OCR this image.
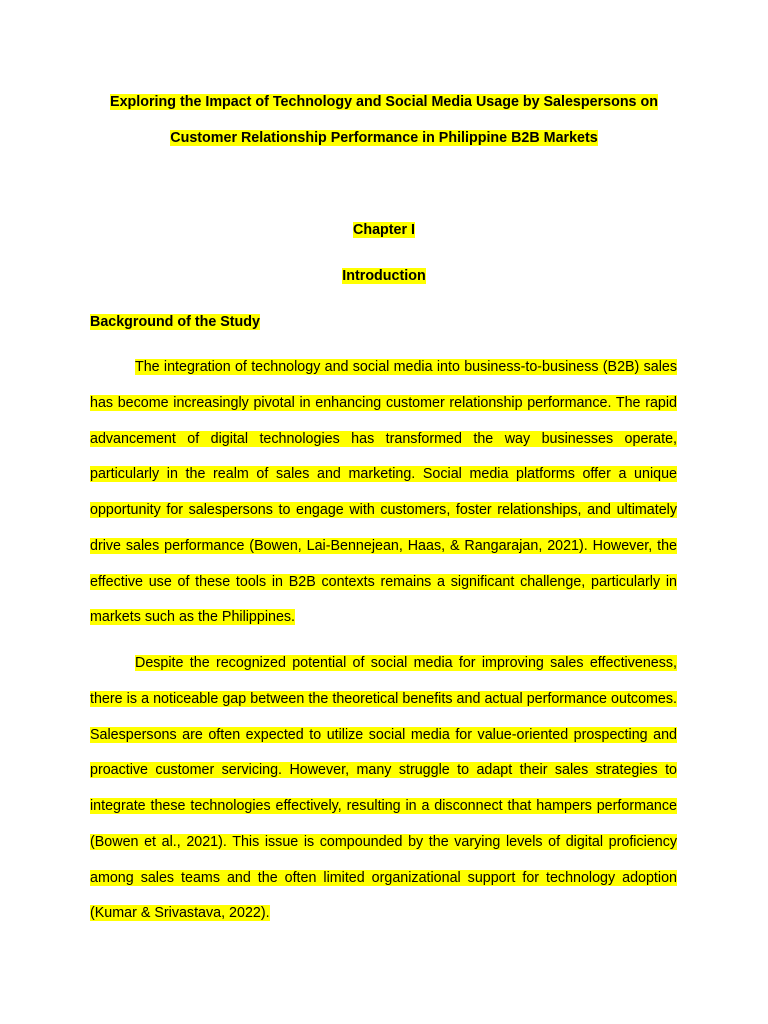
Exploring the Impact of Technology and Social Media Usage by Salespersons on
Customer Relationship Performance in Philippine B2B Markets
Chapter I
Introduction
Background of the Study

The integration of technology and social media into business-to-business (B2B) sales has become increasingly pivotal in enhancing customer relationship performance. The rapid advancement of digital technologies has transformed the way businesses operate, particularly in the realm of sales and marketing. Social media platforms offer a unique opportunity for salespersons to engage with customers, foster relationships, and ultimately drive sales performance (Bowen, Lai-Bennejean, Haas, & Rangarajan, 2021). However, the effective use of these tools in B2B contexts remains a significant challenge, particularly in markets such as the Philippines.

Despite the recognized potential of social media for improving sales effectiveness, there is a noticeable gap between the theoretical benefits and actual performance outcomes. Salespersons are often expected to utilize social media for value-oriented prospecting and proactive customer servicing. However, many struggle to adapt their sales strategies to integrate these technologies effectively, resulting in a disconnect that hampers performance (Bowen et al., 2021). This issue is compounded by the varying levels of digital proficiency among sales teams and the often limited organizational support for technology adoption (Kumar & Srivastava, 2022).
